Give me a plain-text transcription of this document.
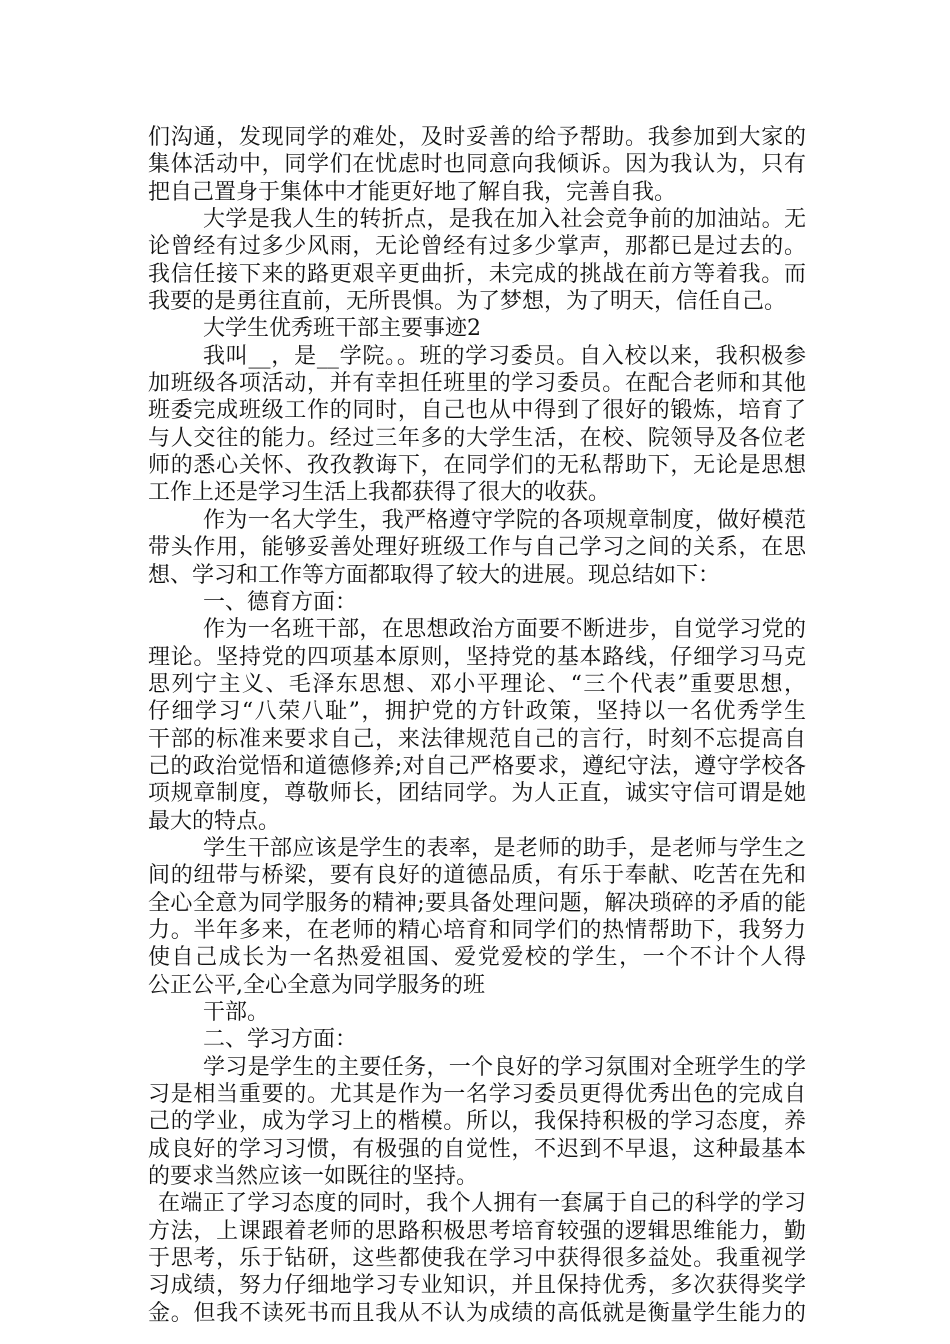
们沟通，发现同学的难处，及时妥善的给予帮助。我参加到大家的
集体活动中，同学们在忧虑时也同意向我倾诉。因为我认为，只有
把自己置身于集体中才能更好地了解自我，完善自我。
大学是我人生的转折点，是我在加入社会竞争前的加油站。无
论曾经有过多少风雨，无论曾经有过多少掌声，那都已是过去的。
我信任接下来的路更艰辛更曲折，未完成的挑战在前方等着我。而
我要的是勇往直前，无所畏惧。为了梦想，为了明天，信任自己。
大学生优秀班干部主要事迹2
我叫__，是__学院。。班的学习委员。自入校以来，我积极参
加班级各项活动，并有幸担任班里的学习委员。在配合老师和其他
班委完成班级工作的同时，自己也从中得到了很好的锻炼，培育了
与人交往的能力。经过三年多的大学生活，在校、院领导及各位老
师的悉心关怀、孜孜教诲下，在同学们的无私帮助下，无论是思想
工作上还是学习生活上我都获得了很大的收获。
作为一名大学生，我严格遵守学院的各项规章制度，做好模范
带头作用，能够妥善处理好班级工作与自己学习之间的关系，在思
想、学习和工作等方面都取得了较大的进展。现总结如下：
一、德育方面：
作为一名班干部，在思想政治方面要不断进步，自觉学习党的
理论。坚持党的四项基本原则，坚持党的基本路线，仔细学习马克
思列宁主义、毛泽东思想、邓小平理论、“三个代表”重要思想，
仔细学习“八荣八耻”，拥护党的方针政策，坚持以一名优秀学生
干部的标准来要求自己，来法律规范自己的言行，时刻不忘提高自
己的政治觉悟和道德修养;对自己严格要求，遵纪守法，遵守学校各
项规章制度，尊敬师长，团结同学。为人正直，诚实守信可谓是她
最大的特点。
学生干部应该是学生的表率，是老师的助手，是老师与学生之
间的纽带与桥梁，要有良好的道德品质，有乐于奉献、吃苦在先和
全心全意为同学服务的精神;要具备处理问题，解决琐碎的矛盾的能
力。半年多来，在老师的精心培育和同学们的热情帮助下，我努力
使自己成长为一名热爱祖国、爱党爱校的学生，一个不计个人得
公正公平,全心全意为同学服务的班
干部。
二、学习方面：
学习是学生的主要任务，一个良好的学习氛围对全班学生的学
习是相当重要的。尤其是作为一名学习委员更得优秀出色的完成自
己的学业，成为学习上的楷模。所以，我保持积极的学习态度，养
成良好的学习习惯，有极强的自觉性，不迟到不早退，这种最基本
的要求当然应该一如既往的坚持。
在端正了学习态度的同时，我个人拥有一套属于自己的科学的学习
方法，上课跟着老师的思路积极思考培育较强的逻辑思维能力，勤
于思考，乐于钻研，这些都使我在学习中获得很多益处。我重视学
习成绩，努力仔细地学习专业知识，并且保持优秀，多次获得奖学
金。但我不读死书而且我从不认为成绩的高低就是衡量学生能力的
